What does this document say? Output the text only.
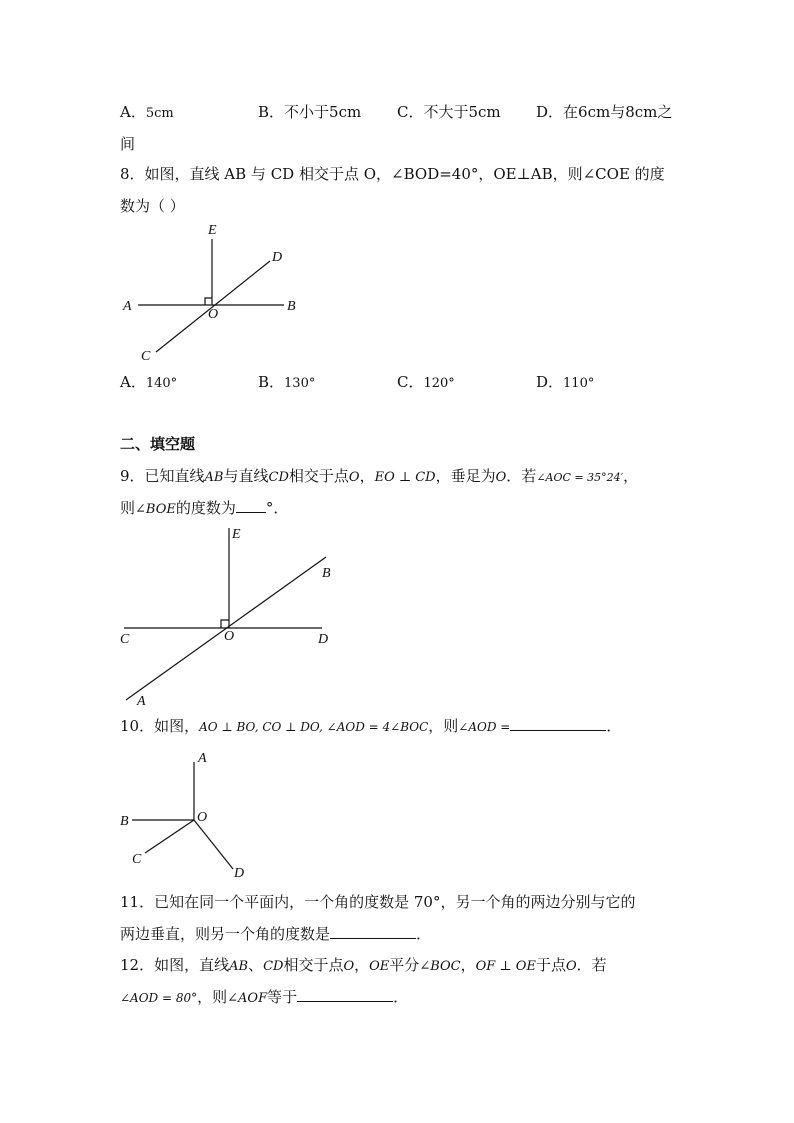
A．5cm	B．不小于5cm C．不大于5cm D．在6cm与8cm之
间
8．如图，直线 AB 与 CD 相交于点 O，∠BOD=40°，OE⊥AB，则∠COE 的度
数为（ ）
E
D
A
O
B
C
A．140°	B．130°	C．120°	D．110°
二、填空题
9．已知直线AB与直线CD相交于点O，EO ⊥ CD，垂足为O．若∠AOC = 35°24′，
则∠BOE的度数为 °．
E
B
C	O	D
A
10．如图，AO ⊥ BO, CO ⊥ DO, ∠AOD = 4∠BOC，则∠AOD =	．
A
B	O
C
D
11．已知在同一个平面内，一个角的度数是 70°，另一个角的两边分别与它的
两边垂直，则另一个角的度数是	．
12．如图，直线AB、CD相交于点O，OE平分∠BOC，OF ⊥ OE于点O．若
∠AOD = 80°，则∠AOF等于	．
